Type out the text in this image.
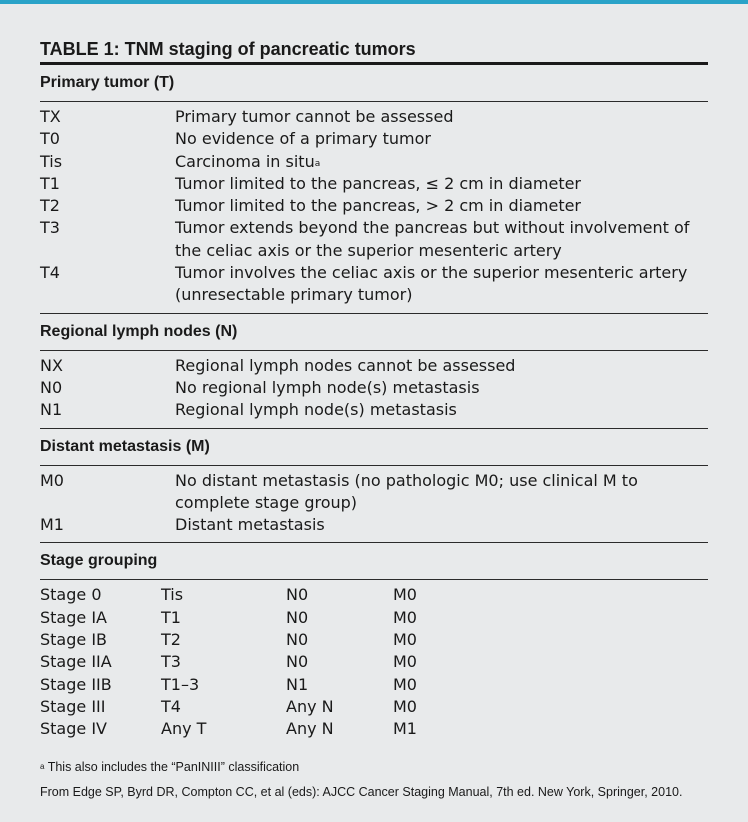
TABLE 1: TNM staging of pancreatic tumors
Primary tumor (T)
TX	Primary tumor cannot be assessed
T0	No evidence of a primary tumor
Tis	Carcinoma in situ$^a$
T1	Tumor limited to the pancreas, ≤ 2 cm in diameter
T2	Tumor limited to the pancreas, > 2 cm in diameter
T3	Tumor extends beyond the pancreas but without involvement of the celiac axis or the superior mesenteric artery
T4	Tumor involves the celiac axis or the superior mesenteric artery (unresectable primary tumor)
Regional lymph nodes (N)
NX	Regional lymph nodes cannot be assessed
N0	No regional lymph node(s) metastasis
N1	Regional lymph node(s) metastasis
Distant metastasis (M)
M0	No distant metastasis (no pathologic M0; use clinical M to complete stage group)
M1	Distant metastasis
Stage grouping
Stage 0	Tis	N0	M0
Stage IA	T1	N0	M0
Stage IB	T2	N0	M0
Stage IIA	T3	N0	M0
Stage IIB	T1–3	N1	M0
Stage III	T4	Any N	M0
Stage IV	Any T	Any N	M1
$^a$ This also includes the “PanINIII” classification
From Edge SP, Byrd DR, Compton CC, et al (eds): AJCC Cancer Staging Manual, 7th ed. New York, Springer, 2010.
